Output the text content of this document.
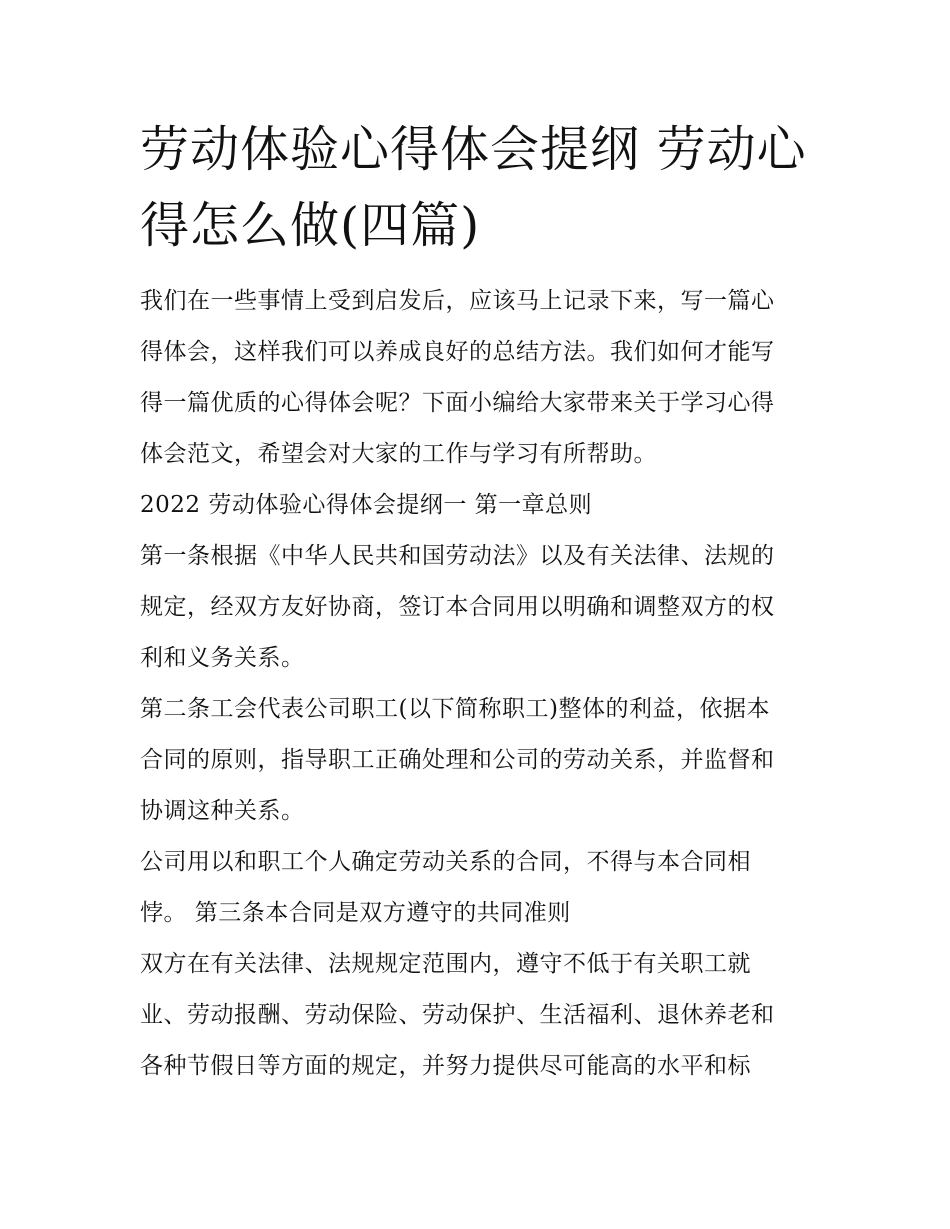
劳动体验心得体会提纲 劳动心
得怎么做(四篇)

我们在一些事情上受到启发后，应该马上记录下来，写一篇心
得体会，这样我们可以养成良好的总结方法。我们如何才能写
得一篇优质的心得体会呢？下面小编给大家带来关于学习心得
体会范文，希望会对大家的工作与学习有所帮助。

2022 劳动体验心得体会提纲一 第一章总则

第一条根据《中华人民共和国劳动法》以及有关法律、法规的
规定，经双方友好协商，签订本合同用以明确和调整双方的权
利和义务关系。

第二条工会代表公司职工(以下简称职工)整体的利益，依据本
合同的原则，指导职工正确处理和公司的劳动关系，并监督和
协调这种关系。

公司用以和职工个人确定劳动关系的合同，不得与本合同相
悖。 第三条本合同是双方遵守的共同准则

双方在有关法律、法规规定范围内，遵守不低于有关职工就
业、劳动报酬、劳动保险、劳动保护、生活福利、退休养老和
各种节假日等方面的规定，并努力提供尽可能高的水平和标
